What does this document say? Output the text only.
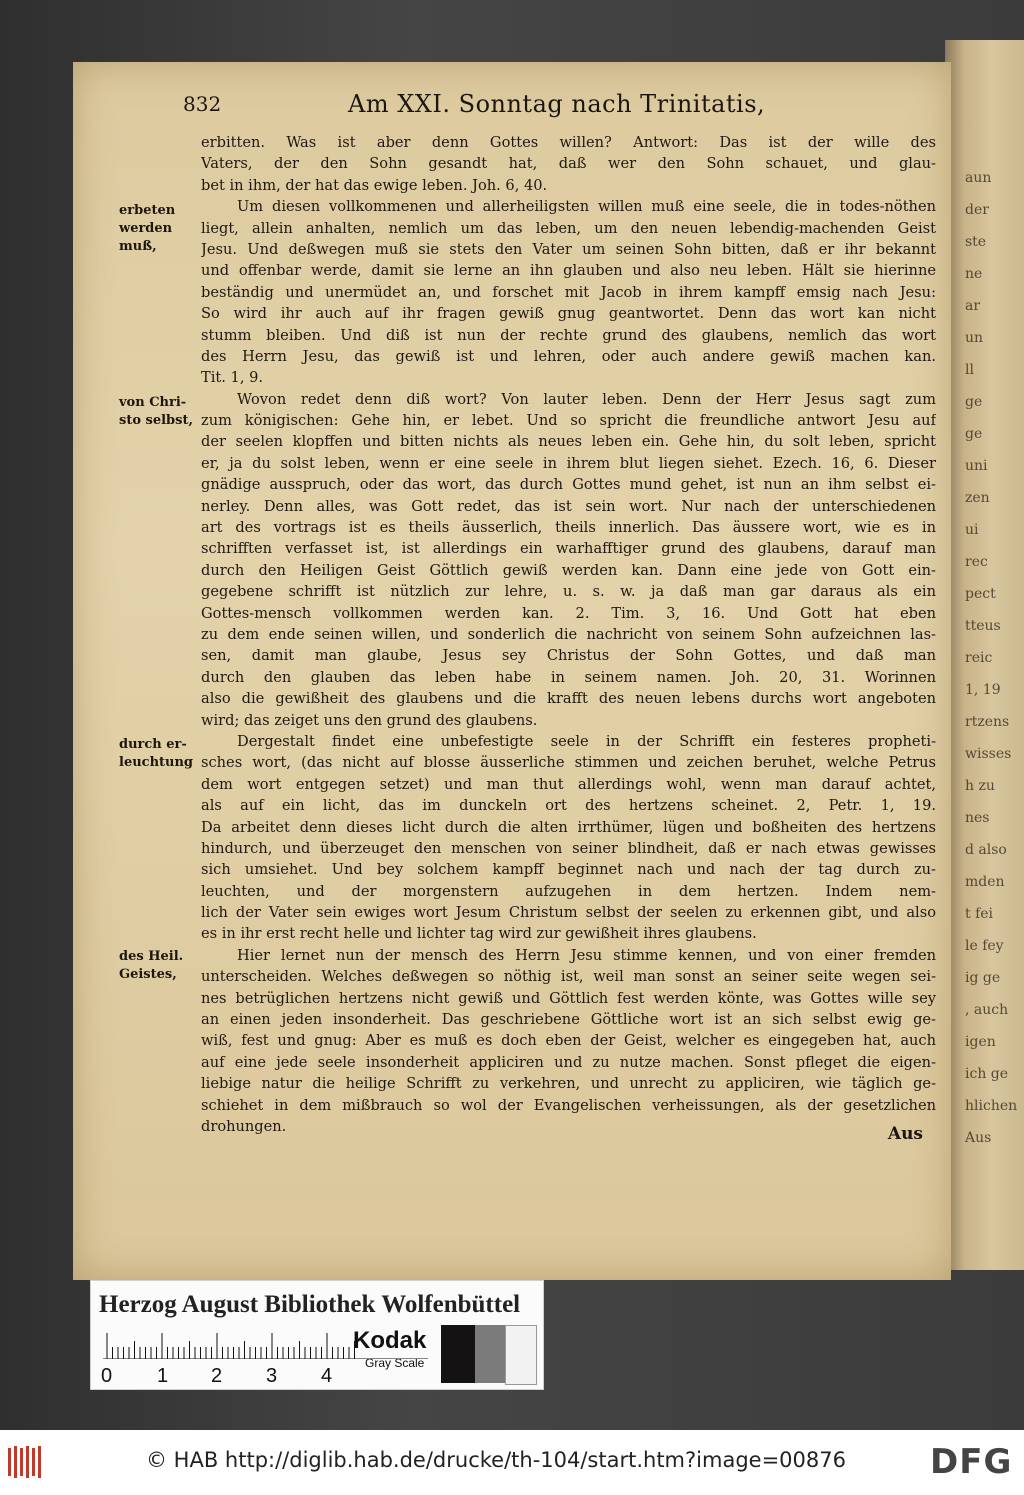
aun
der
ste
ne
ar
un
ll
ge
ge
uni
zen
ui
rec
pect
tteus
reic
1, 19
rtzens
wisses
h zu
nes
d also
mden
t fei
le fey
ig ge
, auch
igen
ich ge
hlichen
Aus
832	Am XXI. Sonntag nach Trinitatis,
erbeten
werden
muß,
von Chri-
sto selbst,
durch er-
leuchtung
des Heil.
Geistes,
erbitten. Was ist aber denn Gottes willen? Antwort: Das ist der wille des
Vaters, der den Sohn gesandt hat, daß wer den Sohn schauet, und glau-
bet in ihm, der hat das ewige leben. Joh. 6, 40.
Um diesen vollkommenen und allerheiligsten willen muß eine seele, die in todes-nöthen
liegt, allein anhalten, nemlich um das leben, um den neuen lebendig-machenden Geist
Jesu. Und deßwegen muß sie stets den Vater um seinen Sohn bitten, daß er ihr bekannt
und offenbar werde, damit sie lerne an ihn glauben und also neu leben. Hält sie hierinne
beständig und unermüdet an, und forschet mit Jacob in ihrem kampff emsig nach Jesu:
So wird ihr auch auf ihr fragen gewiß gnug geantwortet. Denn das wort kan nicht
stumm bleiben. Und diß ist nun der rechte grund des glaubens, nemlich das wort
des Herrn Jesu, das gewiß ist und lehren, oder auch andere gewiß machen kan.
Tit. 1, 9.
Wovon redet denn diß wort? Von lauter leben. Denn der Herr Jesus sagt zum
zum königischen: Gehe hin, er lebet. Und so spricht die freundliche antwort Jesu auf
der seelen klopffen und bitten nichts als neues leben ein. Gehe hin, du solt leben, spricht
er, ja du solst leben, wenn er eine seele in ihrem blut liegen siehet. Ezech. 16, 6. Dieser
gnädige ausspruch, oder das wort, das durch Gottes mund gehet, ist nun an ihm selbst ei-
nerley. Denn alles, was Gott redet, das ist sein wort. Nur nach der unterschiedenen
art des vortrags ist es theils äusserlich, theils innerlich. Das äussere wort, wie es in
schrifften verfasset ist, ist allerdings ein warhafftiger grund des glaubens, darauf man
durch den Heiligen Geist Göttlich gewiß werden kan. Dann eine jede von Gott ein-
gegebene schrifft ist nützlich zur lehre, u. s. w. ja daß man gar daraus als ein
Gottes-mensch vollkommen werden kan. 2. Tim. 3, 16. Und Gott hat eben
zu dem ende seinen willen, und sonderlich die nachricht von seinem Sohn aufzeichnen las-
sen, damit man glaube, Jesus sey Christus der Sohn Gottes, und daß man
durch den glauben das leben habe in seinem namen. Joh. 20, 31. Worinnen
also die gewißheit des glaubens und die krafft des neuen lebens durchs wort angeboten
wird; das zeiget uns den grund des glaubens.
Dergestalt findet eine unbefestigte seele in der Schrifft ein festeres propheti-
sches wort, (das nicht auf blosse äusserliche stimmen und zeichen beruhet, welche Petrus
dem wort entgegen setzet) und man thut allerdings wohl, wenn man darauf achtet,
als auf ein licht, das im dunckeln ort des hertzens scheinet. 2, Petr. 1, 19.
Da arbeitet denn dieses licht durch die alten irrthümer, lügen und boßheiten des hertzens
hindurch, und überzeuget den menschen von seiner blindheit, daß er nach etwas gewisses
sich umsiehet. Und bey solchem kampff beginnet nach und nach der tag durch zu-
leuchten, und der morgenstern aufzugehen in dem hertzen. Indem nem-
lich der Vater sein ewiges wort Jesum Christum selbst der seelen zu erkennen gibt, und also
es in ihr erst recht helle und lichter tag wird zur gewißheit ihres glaubens.
Hier lernet nun der mensch des Herrn Jesu stimme kennen, und von einer fremden
unterscheiden. Welches deßwegen so nöthig ist, weil man sonst an seiner seite wegen sei-
nes betrüglichen hertzens nicht gewiß und Göttlich fest werden könte, was Gottes wille sey
an einen jeden insonderheit. Das geschriebene Göttliche wort ist an sich selbst ewig ge-
wiß, fest und gnug: Aber es muß es doch eben der Geist, welcher es eingegeben hat, auch
auf eine jede seele insonderheit appliciren und zu nutze machen. Sonst pfleget die eigen-
liebige natur die heilige Schrifft zu verkehren, und unrecht zu appliciren, wie täglich ge-
schiehet in dem mißbrauch so wol der Evangelischen verheissungen, als der gesetzlichen
drohungen.	Aus
Herzog August Bibliothek Wolfenbüttel
0 1 2 3 4
Kodak
Gray Scale
© HAB http://diglib.hab.de/drucke/th-104/start.htm?image=00876 DFG
